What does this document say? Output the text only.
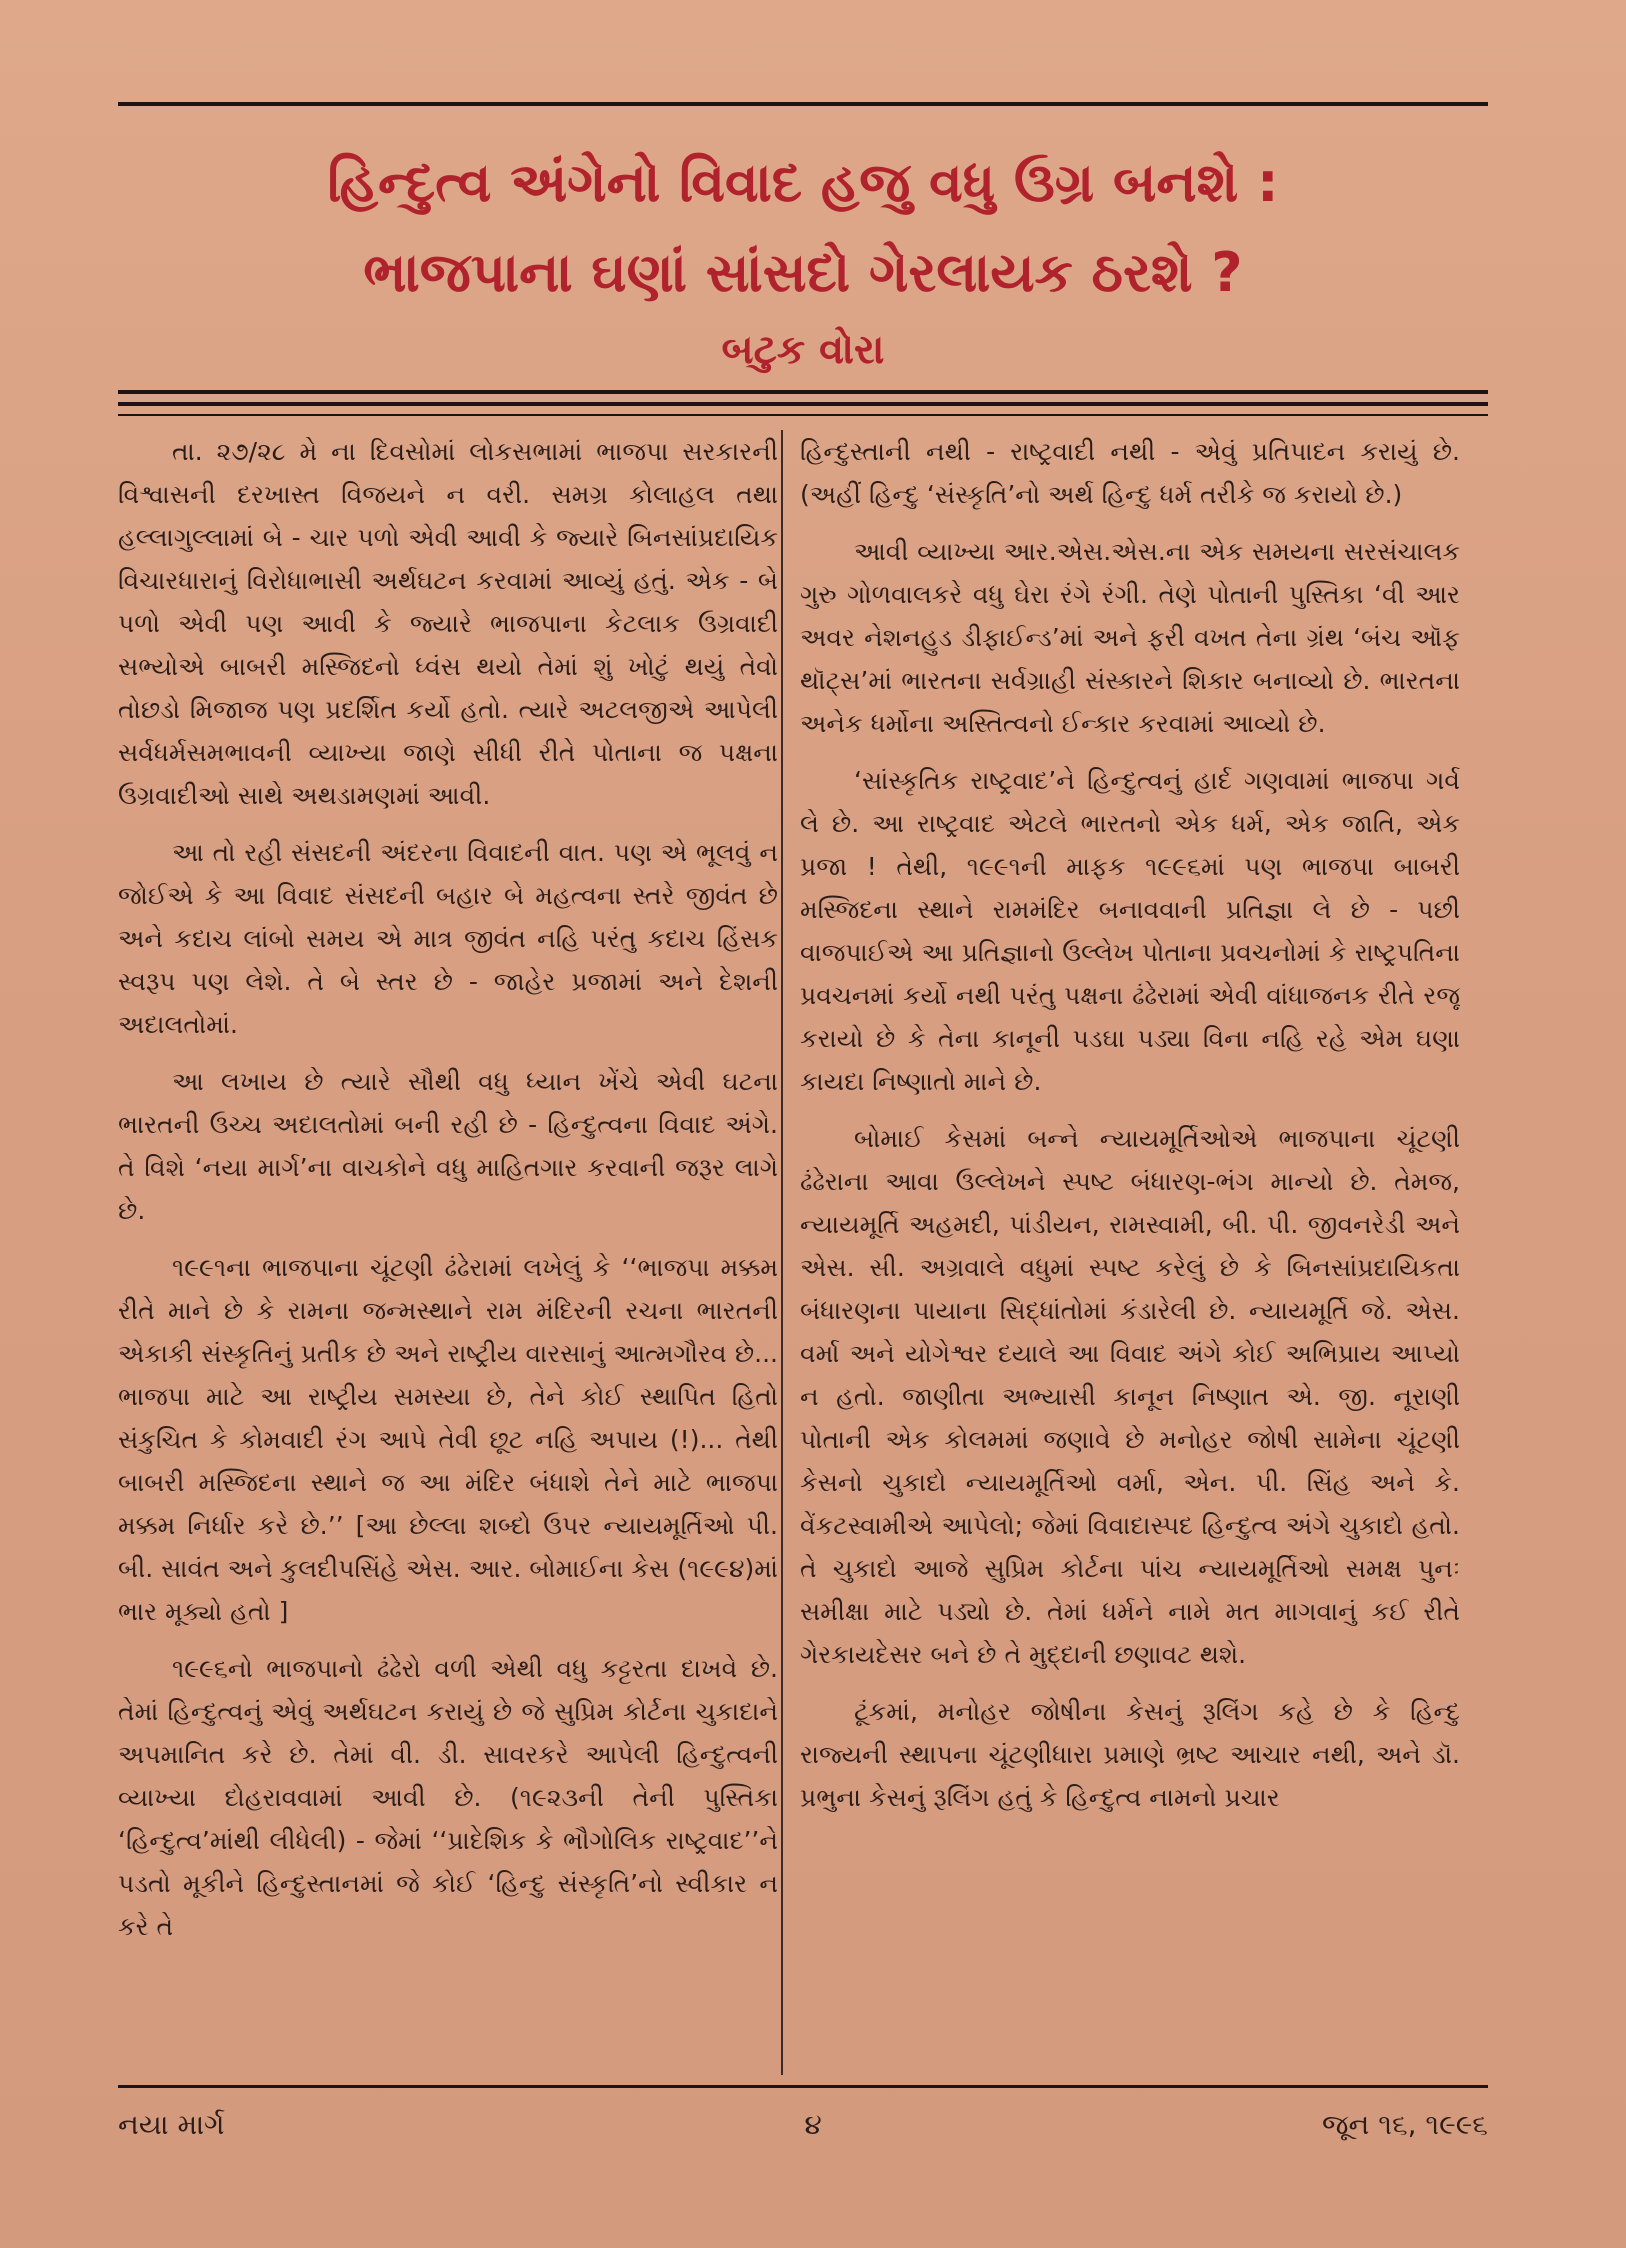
હિન્દુત્વ અંગેનો વિવાદ હજુ વધુ ઉગ્ર બનશે :
ભાજપાના ઘણાં સાંસદો ગેરલાયક ઠરશે ?
બટુક વોરા

તા. ૨૭/૨૮ મે ના દિવસોમાં લોકસભામાં ભાજપા સરકારની વિશ્વાસની દરખાસ્ત વિજયને ન વરી. સમગ્ર કોલાહલ તથા હલ્લાગુલ્લામાં બે - ચાર પળો એવી આવી કે જ્યારે બિનસાંપ્રદાયિક વિચારધારાનું વિરોધાભાસી અર્થઘટન કરવામાં આવ્યું હતું. એક - બે પળો એવી પણ આવી કે જ્યારે ભાજપાના કેટલાક ઉગ્રવાદી સભ્યોએ બાબરી મસ્જિદનો ધ્વંસ થયો તેમાં શું ખોટું થયું તેવો તોછડો મિજાજ પણ પ્રદર્શિત કર્યો હતો. ત્યારે અટલજીએ આપેલી સર્વધર્મસમભાવની વ્યાખ્યા જાણે સીધી રીતે પોતાના જ પક્ષના ઉગ્રવાદીઓ સાથે અથડામણમાં આવી.

આ તો રહી સંસદની અંદરના વિવાદની વાત. પણ એ ભૂલવું ન જોઈએ કે આ વિવાદ સંસદની બહાર બે મહત્વના સ્તરે જીવંત છે અને કદાચ લાંબો સમય એ માત્ર જીવંત નહિ પરંતુ કદાચ હિંસક સ્વરૂપ પણ લેશે. તે બે સ્તર છે - જાહેર પ્રજામાં અને દેશની અદાલતોમાં.

આ લખાય છે ત્યારે સૌથી વધુ ધ્યાન ખેંચે એવી ઘટના ભારતની ઉચ્ચ અદાલતોમાં બની રહી છે - હિન્દુત્વના વિવાદ અંગે. તે વિશે ‘નયા માર્ગ’ના વાચકોને વધુ માહિતગાર કરવાની જરૂર લાગે છે.

૧૯૯૧ના ભાજપાના ચૂંટણી ઢંઢેરામાં લખેલું કે ‘‘ભાજપા મક્કમ રીતે માને છે કે રામના જન્મસ્થાને રામ મંદિરની રચના ભારતની એકાકી સંસ્કૃતિનું પ્રતીક છે અને રાષ્ટ્રીય વારસાનું આત્મગૌરવ છે... ભાજપા માટે આ રાષ્ટ્રીય સમસ્યા છે, તેને કોઈ સ્થાપિત હિતો સંકુચિત કે કોમવાદી રંગ આપે તેવી છૂટ નહિ અપાય (!)... તેથી બાબરી મસ્જિદના સ્થાને જ આ મંદિર બંધાશે તેને માટે ભાજપા મક્કમ નિર્ધાર કરે છે.’’ [આ છેલ્લા શબ્દો ઉપર ન્યાયમૂર્તિઓ પી. બી. સાવંત અને કુલદીપસિંહે એસ. આર. બોમાઈના કેસ (૧૯૯૪)માં ભાર મૂક્યો હતો ]

૧૯૯૬નો ભાજપાનો ઢંઢેરો વળી એથી વધુ કટ્ટરતા દાખવે છે. તેમાં હિન્દુત્વનું એવું અર્થઘટન કરાયું છે જે સુપ્રિમ કોર્ટના ચુકાદાને અપમાનિત કરે છે. તેમાં વી. ડી. સાવરકરે આપેલી હિન્દુત્વની વ્યાખ્યા દોહરાવવામાં આવી છે. (૧૯૨૩ની તેની પુસ્તિકા ‘હિન્દુત્વ’માંથી લીધેલી) - જેમાં ‘‘પ્રાદેશિક કે ભૌગોલિક રાષ્ટ્રવાદ’’ને પડતો મૂકીને હિન્દુસ્તાનમાં જે કોઈ ‘હિન્દુ સંસ્કૃતિ’નો સ્વીકાર ન કરે તે

હિન્દુસ્તાની નથી - રાષ્ટ્રવાદી નથી - એવું પ્રતિપાદન કરાયું છે. (અહીં હિન્દુ ‘સંસ્કૃતિ’નો અર્થ હિન્દુ ધર્મ તરીકે જ કરાયો છે.)

આવી વ્યાખ્યા આર.એસ.એસ.ના એક સમયના સરસંચાલક ગુરુ ગોળવાલકરે વધુ ઘેરા રંગે રંગી. તેણે પોતાની પુસ્તિકા ‘વી આર અવર નેશનહુડ ડીફાઈન્ડ’માં અને ફરી વખત તેના ગ્રંથ ‘બંચ ઑફ થૉટ્સ’માં ભારતના સર્વગ્રાહી સંસ્કારને શિકાર બનાવ્યો છે. ભારતના અનેક ધર્મોના અસ્તિત્વનો ઈન્કાર કરવામાં આવ્યો છે.

‘સાંસ્કૃતિક રાષ્ટ્રવાદ’ને હિન્દુત્વનું હાર્દ ગણવામાં ભાજપા ગર્વ લે છે. આ રાષ્ટ્રવાદ એટલે ભારતનો એક ધર્મ, એક જાતિ, એક પ્રજા ! તેથી, ૧૯૯૧ની માફક ૧૯૯૬માં પણ ભાજપા બાબરી મસ્જિદના સ્થાને રામમંદિર બનાવવાની પ્રતિજ્ઞા લે છે - પછી વાજપાઈએ આ પ્રતિજ્ઞાનો ઉલ્લેખ પોતાના પ્રવચનોમાં કે રાષ્ટ્રપતિના પ્રવચનમાં કર્યો નથી પરંતુ પક્ષના ઢંઢેરામાં એવી વાંધાજનક રીતે રજૂ કરાયો છે કે તેના કાનૂની પડઘા પડ્યા વિના નહિ રહે એમ ઘણા કાયદા નિષ્ણાતો માને છે.

બોમાઈ કેસમાં બન્ને ન્યાયમૂર્તિઓએ ભાજપાના ચૂંટણી ઢંઢેરાના આવા ઉલ્લેખને સ્પષ્ટ બંધારણ-ભંગ માન્યો છે. તેમજ, ન્યાયમૂર્તિ અહમદી, પાંડીયન, રામસ્વામી, બી. પી. જીવનરેડી અને એસ. સી. અગ્રવાલે વધુમાં સ્પષ્ટ કરેલું છે કે બિનસાંપ્રદાયિકતા બંધારણના પાયાના સિદ્ધાંતોમાં કંડારેલી છે. ન્યાયમૂર્તિ જે. એસ. વર્મા અને યોગેશ્વર દયાલે આ વિવાદ અંગે કોઈ અભિપ્રાય આપ્યો ન હતો. જાણીતા અભ્યાસી કાનૂન નિષ્ણાત એ. જી. નૂરાણી પોતાની એક કોલમમાં જણાવે છે મનોહર જોષી સામેના ચૂંટણી કેસનો ચુકાદો ન્યાયમૂર્તિઓ વર્મા, એન. પી. સિંહ અને કે. વેંકટસ્વામીએ આપેલો; જેમાં વિવાદાસ્પદ હિન્દુત્વ અંગે ચુકાદો હતો. તે ચુકાદો આજે સુપ્રિમ કોર્ટના પાંચ ન્યાયમૂર્તિઓ સમક્ષ પુનઃ સમીક્ષા માટે પડ્યો છે. તેમાં ધર્મને નામે મત માગવાનું કઈ રીતે ગેરકાયદેસર બને છે તે મુદ્દાની છણાવટ થશે.

ટૂંકમાં, મનોહર જોષીના કેસનું રૂલિંગ કહે છે કે હિન્દુ રાજ્યની સ્થાપના ચૂંટણીધારા પ્રમાણે ભ્રષ્ટ આચાર નથી, અને ડૉ. પ્રભુના કેસનું રૂલિંગ હતું કે હિન્દુત્વ નામનો પ્રચાર

નયા માર્ગ	૪	જૂન ૧૬, ૧૯૯૬
